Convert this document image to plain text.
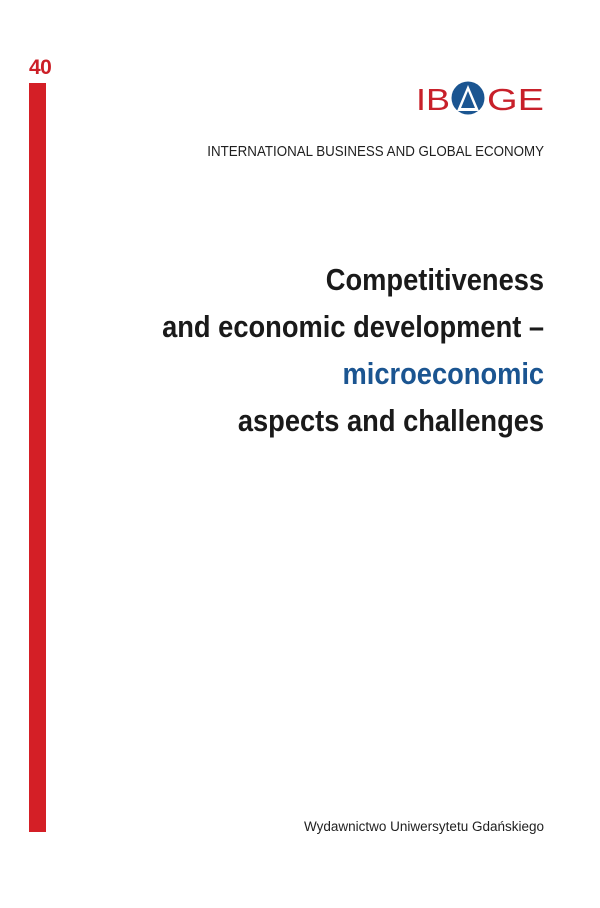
40
IB GE
INTERNATIONAL BUSINESS AND GLOBAL ECONOMY
Competitiveness
and economic development –
microeconomic
aspects and challenges
Wydawnictwo Uniwersytetu Gdańskiego
